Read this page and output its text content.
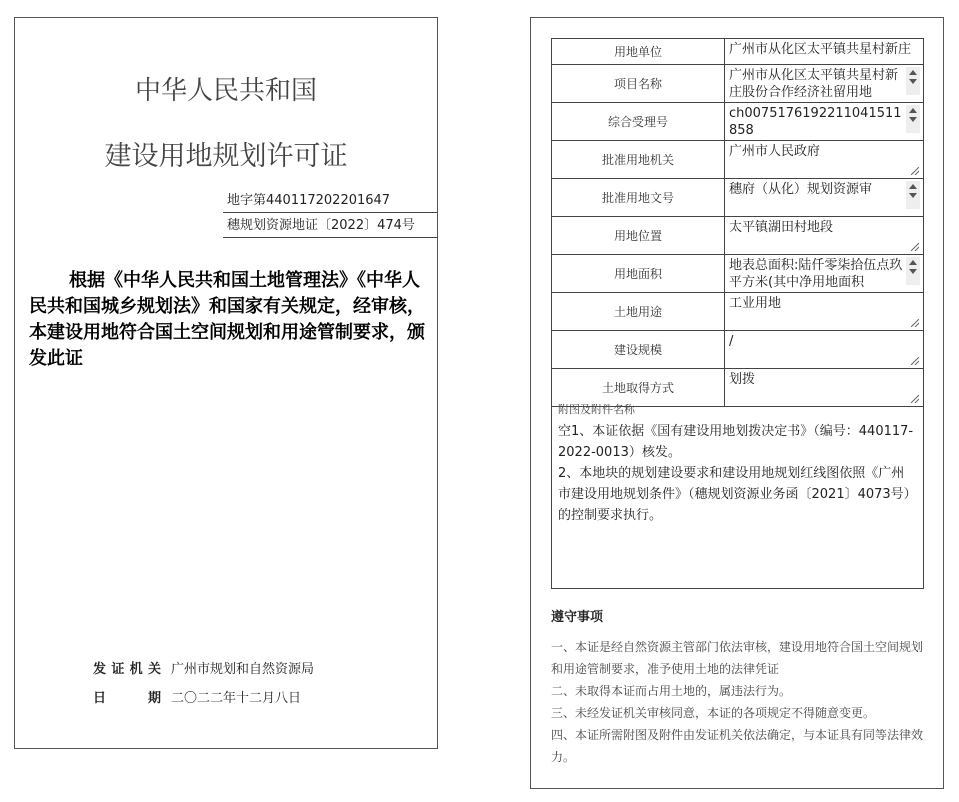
中华人民共和国
建设用地规划许可证
地字第440117202201647
穗规划资源地证〔2022〕474号
根据《中华人民共和国土地管理法》《中华人民共和国城乡规划法》和国家有关规定，经审核，本建设用地符合国土空间规划和用途管制要求，颁发此证
发证机关 广州市规划和自然资源局
日期 二〇二二年十二月八日
用地单位	广州市从化区太平镇共星村新庄

项目名称	广州市从化区太平镇共星村新庄股份合作经济社留用地

综合受理号	ch0075176192211041511858

批准用地机关	广州市人民政府

批准用地文号	穗府（从化）规划资源审

用地位置	太平镇湖田村地段

用地面积	地表总面积:陆仟零柒拾伍点玖平方米(其中净用地面积

土地用途	工业用地

建设规模	/

土地取得方式	划拨
附图及附件名称
空1、本证依据《国有建设用地划拨决定书》（编号：440117-2022-0013）核发。
2、本地块的规划建设要求和建设用地规划红线图依照《广州市建设用地规划条件》（穗规划资源业务函〔2021〕4073号）的控制要求执行。
遵守事项
一、本证是经自然资源主管部门依法审核，建设用地符合国土空间规划和用途管制要求，准予使用土地的法律凭证
二、未取得本证而占用土地的，属违法行为。
三、未经发证机关审核同意，本证的各项规定不得随意变更。
四、本证所需附图及附件由发证机关依法确定，与本证具有同等法律效力。
